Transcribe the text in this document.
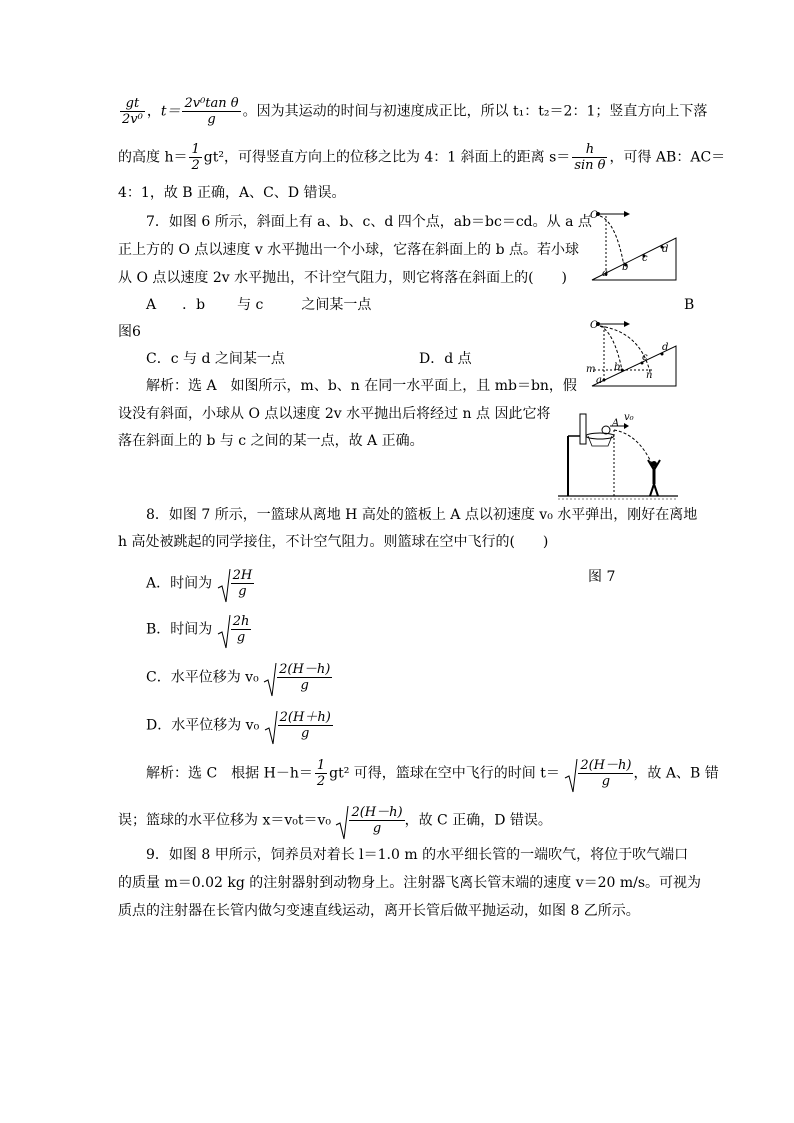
$\frac{gt}{\text{2v⁰}}$ ，$t= \frac{\text{2v⁰tan θ}}{g}$ 。因为其运动的时间与初速度成正比，所以 t₁：t₂＝2：1；竖直方向上下落
的高度 $h= \frac{1}{2} gt^2$，可得竖直方向上的位移之比为 4：1 斜面上的距离 $s= \frac{h}{\text{sin θ}}$ ，可得 AB：AC＝
4：1，故 B 正确，A、C、D 错误。
7．如图 6 所示，斜面上有 a、b、c、d 四个点，ab＝bc＝cd。从 a 点
正上方的 O 点以速度 v 水平抛出一个小球，它落在斜面上的 b 点。若小球
从 O 点以速度 2v 水平抛出，不计空气阻力，则它将落在斜面上的(　　)
A ．b 与 c	之间某一点	B
图6
C．c 与 d 之间某一点	D．d 点
解析：选 A　如图所示，m、b、n 在同一水平面上，且 mb＝bn，假
设没有斜面，小球从 O 点以速度 2v 水平抛出后将经过 n 点 因此它将
落在斜面上的 b 与 c 之间的某一点，故 A 正确。
O
a
b
c
d
O
m
a
b
c
d
n
A
v₀
8．如图 7 所示，一篮球从离地 H 高处的篮板上 A 点以初速度 v₀ 水平弹出，刚好在离地
h 高处被跳起的同学接住，不计空气阻力。则篮球在空中飞行的(　　)
A．时间为 $\frac{2H}{g}$	图 7
B．时间为 $\frac{2h}{g}$
C．水平位移为 $v_0 \frac{2(H-h)}{g}$
D．水平位移为 $v_0 \frac{2(H+h)}{g}$
解析：选 C　根据 $H-h= \frac{1}{2} gt^2$ 可得，篮球在空中飞行的时间 $t= \frac{2(H-h)}{g}$ ，故 A、B 错
误；篮球的水平位移为 $x=v_0t=v_0 \frac{2(H-h)}{g}$ ，故 C 正确，D 错误。
9．如图 8 甲所示，饲养员对着长 l＝1.0 m 的水平细长管的一端吹气，将位于吹气端口
的质量 m＝0.02 kg 的注射器射到动物身上。注射器飞离长管末端的速度 v＝20 m/s。可视为
质点的注射器在长管内做匀变速直线运动，离开长管后做平抛运动，如图 8 乙所示。
